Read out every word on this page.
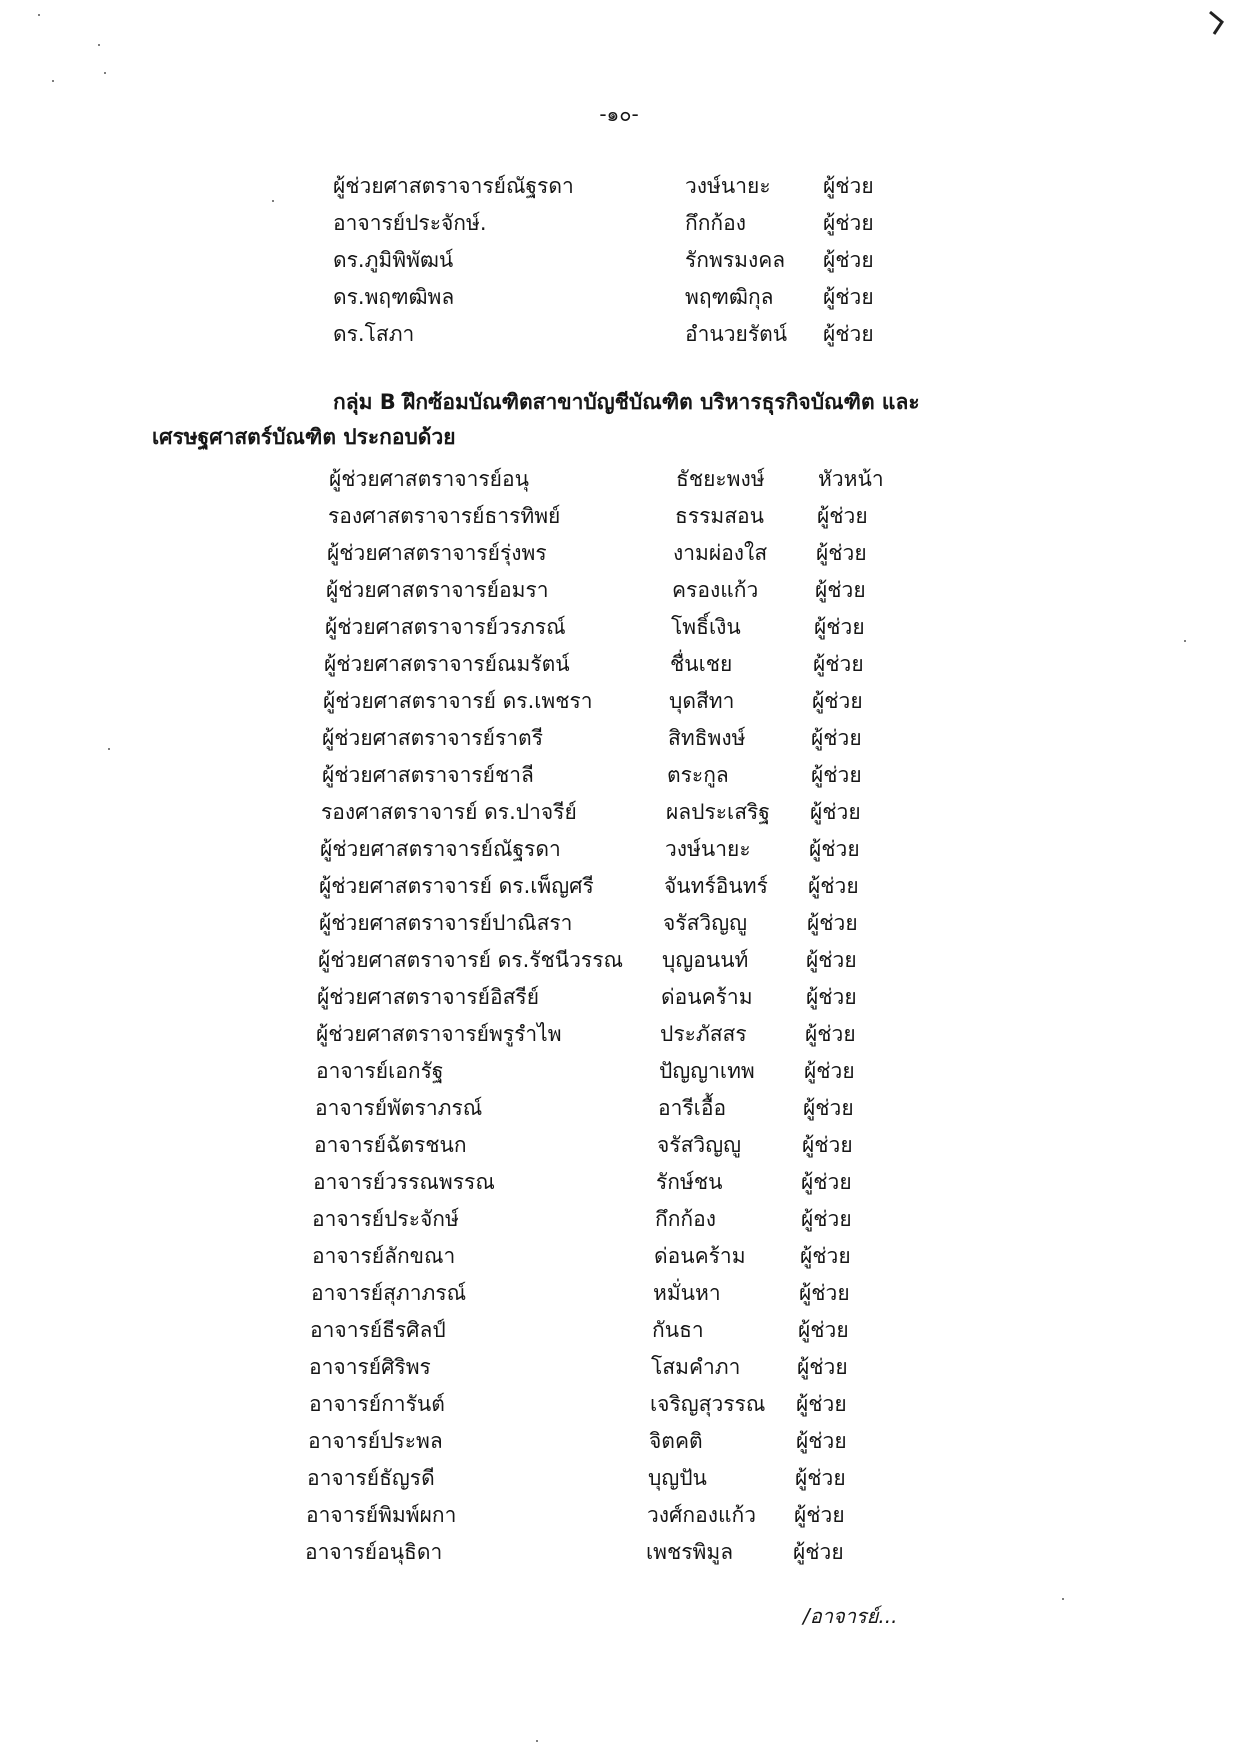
-๑๐-
ผู้ช่วยศาสตราจารย์ณัฐรดา	วงษ์นายะ ผู้ช่วย
อาจารย์ประจักษ์.	กึกก้อง	ผู้ช่วย
ดร.ภูมิพิพัฒน์	รักพรมงคล ผู้ช่วย
ดร.พฤฑฒิพล	พฤฑฒิกุล ผู้ช่วย
ดร.โสภา	อำนวยรัตน์ ผู้ช่วย
กลุ่ม B ฝึกซ้อมบัณฑิตสาขาบัญชีบัณฑิต บริหารธุรกิจบัณฑิต และ
เศรษฐศาสตร์บัณฑิต ประกอบด้วย
ผู้ช่วยศาสตราจารย์อนุ	ธัชยะพงษ์	หัวหน้า
รองศาสตราจารย์ธารทิพย์	ธรรมสอน	ผู้ช่วย
ผู้ช่วยศาสตราจารย์รุ่งพร	งามผ่องใส ผู้ช่วย
ผู้ช่วยศาสตราจารย์อมรา	ครองแก้ว	ผู้ช่วย
ผู้ช่วยศาสตราจารย์วรภรณ์	โพธิ์เงิน	ผู้ช่วย
ผู้ช่วยศาสตราจารย์ณมรัตน์	ชื่นเชย	ผู้ช่วย
ผู้ช่วยศาสตราจารย์ ดร.เพชรา	บุดสีทา	ผู้ช่วย
ผู้ช่วยศาสตราจารย์ราตรี	สิทธิพงษ์	ผู้ช่วย
ผู้ช่วยศาสตราจารย์ชาลี	ตระกูล	ผู้ช่วย
รองศาสตราจารย์ ดร.ปาจรีย์	ผลประเสริฐ ผู้ช่วย
ผู้ช่วยศาสตราจารย์ณัฐรดา	วงษ์นายะ	ผู้ช่วย
ผู้ช่วยศาสตราจารย์ ดร.เพ็ญศรี	จันทร์อินทร์ ผู้ช่วย
ผู้ช่วยศาสตราจารย์ปาณิสรา	จรัสวิญญู	ผู้ช่วย
ผู้ช่วยศาสตราจารย์ ดร.รัชนีวรรณ บุญอนนท์	ผู้ช่วย
ผู้ช่วยศาสตราจารย์อิสรีย์	ด่อนคร้าม	ผู้ช่วย
ผู้ช่วยศาสตราจารย์พรูรำไพ	ประภัสสร	ผู้ช่วย
อาจารย์เอกรัฐ	ปัญญาเทพ ผู้ช่วย
อาจารย์พัตราภรณ์	อารีเอื้อ	ผู้ช่วย
อาจารย์ฉัตรชนก	จรัสวิญญู	ผู้ช่วย
อาจารย์วรรณพรรณ	รักษ์ชน	ผู้ช่วย
อาจารย์ประจักษ์	กึกก้อง	ผู้ช่วย
อาจารย์ลักขณา	ด่อนคร้าม	ผู้ช่วย
อาจารย์สุภาภรณ์	หมั่นหา	ผู้ช่วย
อาจารย์ธีรศิลป์	กันธา	ผู้ช่วย
อาจารย์ศิริพร	โสมคำภา	ผู้ช่วย
อาจารย์การันต์	เจริญสุวรรณ ผู้ช่วย
อาจารย์ประพล	จิตคติ	ผู้ช่วย
อาจารย์ธัญรดี	บุญปัน	ผู้ช่วย
อาจารย์พิมพ์ผกา	วงศ์กองแก้ว ผู้ช่วย
อาจารย์อนุธิดา	เพชรพิมูล	ผู้ช่วย
/อาจารย์...
